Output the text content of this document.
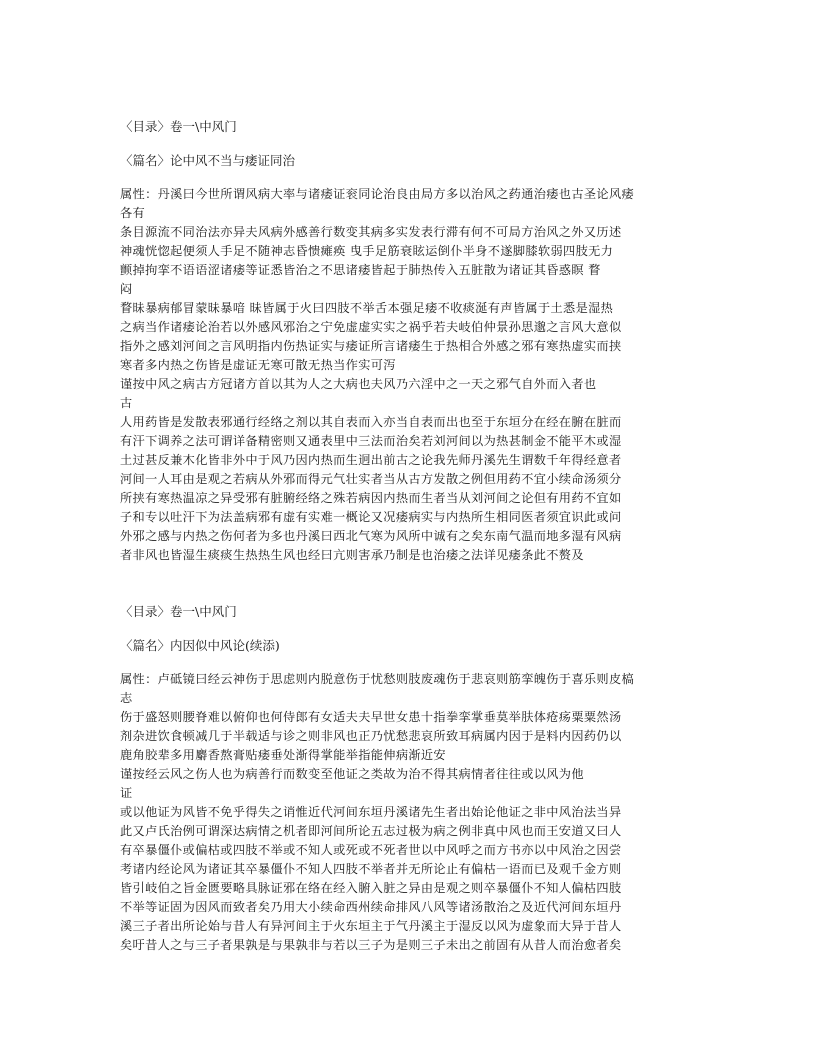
〈目录〉卷一\中风门
〈篇名〉论中风不当与痿证同治
属性：丹溪曰今世所谓风病大率与诸痿证衮同论治良由局方多以治风之药通治痿也古圣论风痿
各有
条目源流不同治法亦异夫风病外感善行数变其病多实发表行滞有何不可局方治风之外又历述
神魂恍惚起便须人手足不随神志昏愦瘫痪 曳手足筋衰眩运倒仆半身不遂脚膝软弱四肢无力
颤掉拘挛不语语涩诸痿等证悉皆治之不思诸痿皆起于肺热传入五脏散为诸证其昏惑瞑 瞀
闷
瞀昧暴病郁冒蒙昧暴喑 昧皆属于火曰四肢不举舌本强足痿不收痰涎有声皆属于土悉是湿热
之病当作诸痿论治若以外感风邪治之宁免虚虚实实之祸乎若夫岐伯仲景孙思邈之言风大意似
指外之感刘河间之言风明指内伤热证实与痿证所言诸痿生于热相合外感之邪有寒热虚实而挟
寒者多内热之伤皆是虚证无寒可散无热当作实可泻
谨按中风之病古方冠诸方首以其为人之大病也夫风乃六淫中之一天之邪气自外而入者也
古
人用药皆是发散表邪通行经络之剂以其自表而入亦当自表而出也至于东垣分在经在腑在脏而
有汗下调养之法可谓详备精密则又通表里中三法而治矣若刘河间以为热甚制金不能平木或湿
土过甚反兼木化皆非外中于风乃因内热而生迥出前古之论我先师丹溪先生谓数千年得经意者
河间一人耳由是观之若病从外邪而得元气壮实者当从古方发散之例但用药不宜小续命汤须分
所挟有寒热温凉之异受邪有脏腑经络之殊若病因内热而生者当从刘河间之论但有用药不宜如
子和专以吐汗下为法盖病邪有虚有实难一概论又况痿病实与内热所生相同医者须宜识此或问
外邪之感与内热之伤何者为多也丹溪曰西北气寒为风所中诚有之矣东南气温而地多湿有风病
者非风也皆湿生痰痰生热热生风也经曰亢则害承乃制是也治痿之法详见痿条此不赘及
〈目录〉卷一\中风门
〈篇名〉内因似中风论(续添)
属性：卢砥镜曰经云神伤于思虑则内脱意伤于忧愁则肢废魂伤于悲哀则筋挛魄伤于喜乐则皮槁
志
伤于盛怒则腰脊难以俯仰也何侍郎有女适夫夫早世女患十指拳挛掌垂莫举肤体疮疡粟粟然汤
剂杂进饮食顿减几于半载适与诊之则非风也正乃忧愁悲哀所致耳病属内因于是料内因药仍以
鹿角胶辈多用麝香熬膏贴痿垂处渐得掌能举指能伸病渐近安
谨按经云风之伤人也为病善行而数变至他证之类故为治不得其病情者往往或以风为他
证
或以他证为风皆不免乎得失之诮惟近代河间东垣丹溪诸先生者出始论他证之非中风治法当异
此又卢氏治例可谓深达病情之机者即河间所论五志过极为病之例非真中风也而王安道又曰人
有卒暴僵仆或偏枯或四肢不举或不知人或死或不死者世以中风呼之而方书亦以中风治之因尝
考诸内经论风为诸证其卒暴僵仆不知人四肢不举者并无所论止有偏枯一语而已及观千金方则
皆引岐伯之旨金匮要略具脉证邪在络在经入腑入脏之异由是观之则卒暴僵仆不知人偏枯四肢
不举等证固为因风而致者矣乃用大小续命西州续命排风八风等诸汤散治之及近代河间东垣丹
溪三子者出所论始与昔人有异河间主于火东垣主于气丹溪主于湿反以风为虚象而大异于昔人
矣吁昔人之与三子者果孰是与果孰非与若以三子为是则三子未出之前固有从昔人而治愈者矣
